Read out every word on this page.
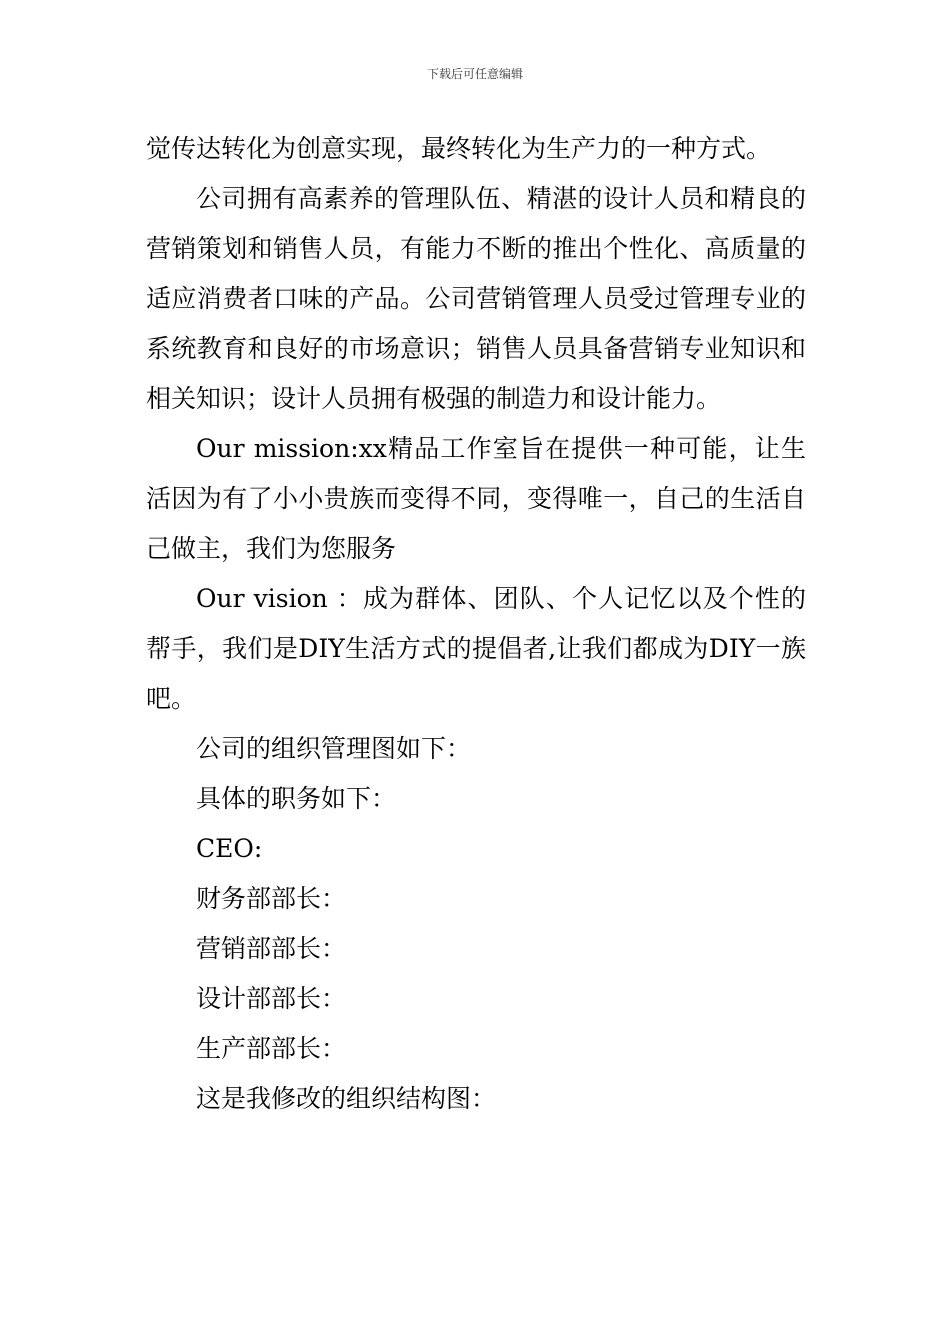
下载后可任意编辑

觉传达转化为创意实现，最终转化为生产力的一种方式。

公司拥有高素养的管理队伍、精湛的设计人员和精良的营销策划和销售人员，有能力不断的推出个性化、高质量的适应消费者口味的产品。公司营销管理人员受过管理专业的系统教育和良好的市场意识；销售人员具备营销专业知识和相关知识；设计人员拥有极强的制造力和设计能力。

Our mission:xx精品工作室旨在提供一种可能，让生活因为有了小小贵族而变得不同，变得唯一，自己的生活自己做主，我们为您服务

Our vision ：成为群体、团队、个人记忆以及个性的帮手，我们是DIY生活方式的提倡者,让我们都成为DIY一族吧。

公司的组织管理图如下：

具体的职务如下：

CEO:

财务部部长：

营销部部长：

设计部部长：

生产部部长：

这是我修改的组织结构图：
